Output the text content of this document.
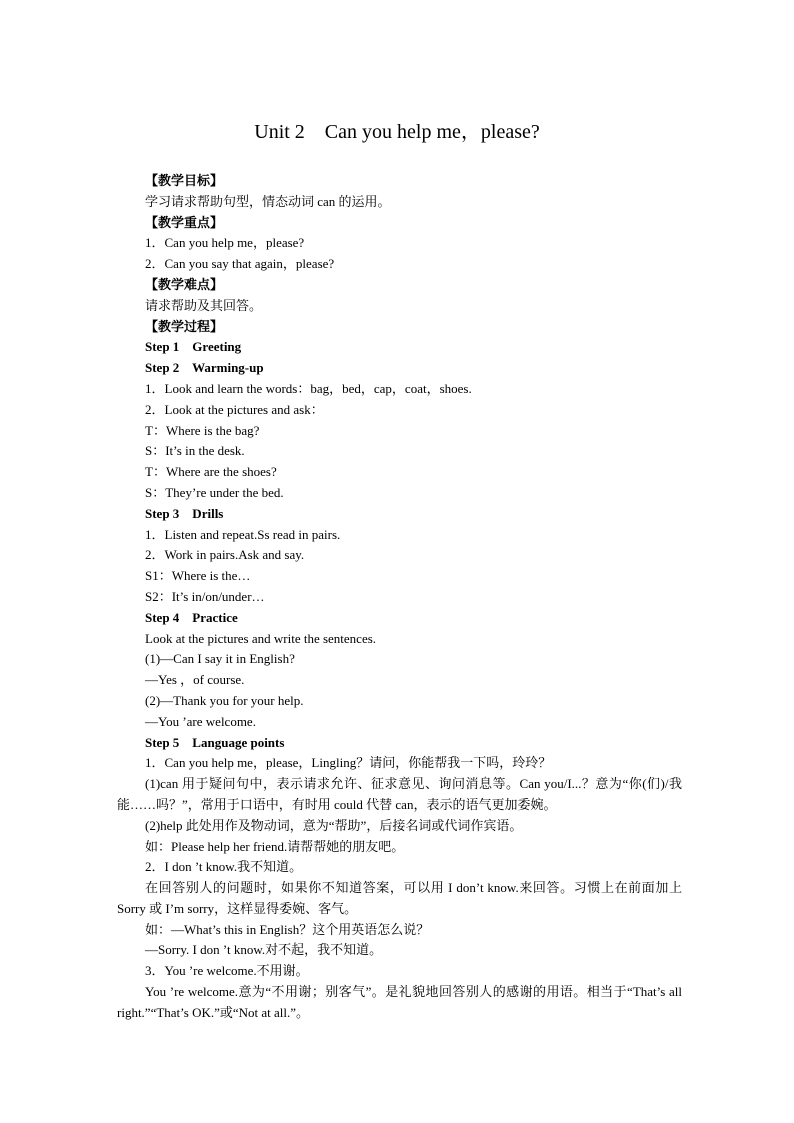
Unit 2    Can you help me，please?
【教学目标】
学习请求帮助句型，情态动词 can 的运用。
【教学重点】
1．Can you help me，please?
2．Can you say that again，please?
【教学难点】
请求帮助及其回答。
【教学过程】
Step 1    Greeting
Step 2    Warming-up
1．Look and learn the words：bag，bed，cap，coat，shoes.
2．Look at the pictures and ask：
T：Where is the bag?
S：It’s in the desk.
T：Where are the shoes?
S：They’re under the bed.
Step 3    Drills
1．Listen and repeat.Ss read in pairs.
2．Work in pairs.Ask and say.
S1：Where is the…
S2：It’s in/on/under…
Step 4    Practice
Look at the pictures and write the sentences.
(1)—Can I say it in English?
—Yes ，of course.
(2)—Thank you for your help.
—You ’are welcome.
Step 5    Language points
1．Can you help me，please，Lingling？请问，你能帮我一下吗，玲玲？
(1)can 用于疑问句中，表示请求允许、征求意见、询问消息等。Can you/I...？意为“你(们)/我能……吗？”，常用于口语中，有时用 could 代替 can，表示的语气更加委婉。
(2)help 此处用作及物动词，意为“帮助”，后接名词或代词作宾语。
如：Please help her friend.请帮帮她的朋友吧。
2．I don ’t know.我不知道。
在回答别人的问题时，如果你不知道答案，可以用 I don’t know.来回答。习惯上在前面加上 Sorry 或 I’m sorry，这样显得委婉、客气。
如：—What’s this in English？这个用英语怎么说？
—Sorry. I don ’t know.对不起，我不知道。
3．You ’re welcome.不用谢。
You ’re welcome.意为“不用谢；别客气”。是礼貌地回答别人的感谢的用语。相当于“That’s all right.”“That’s OK.”或“Not at all.”。
